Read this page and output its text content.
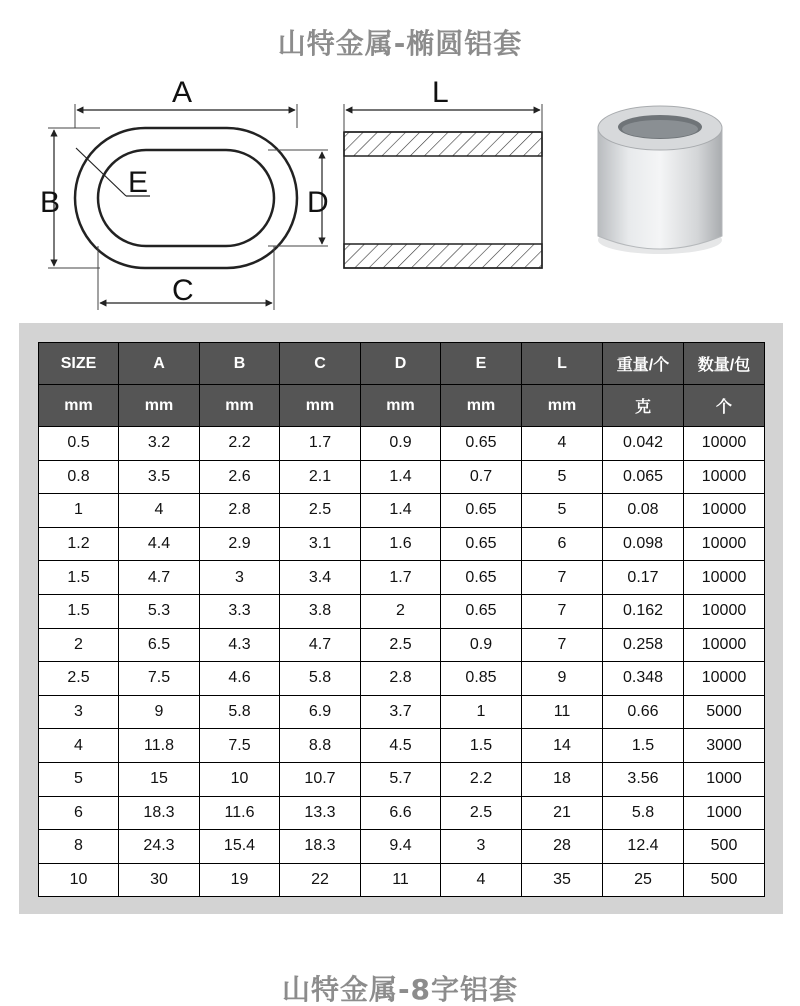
山特金属-椭圆铝套
A
B
C
D
E
L
SIZE	A	B	C	D	E	L	重量/个	数量/包
mm	mm	mm	mm	mm	mm	mm	克	个
0.5	3.2	2.2	1.7	0.9	0.65	4	0.042	10000
0.8	3.5	2.6	2.1	1.4	0.7	5	0.065	10000
1	4	2.8	2.5	1.4	0.65	5	0.08	10000
1.2	4.4	2.9	3.1	1.6	0.65	6	0.098	10000
1.5	4.7	3	3.4	1.7	0.65	7	0.17	10000
1.5	5.3	3.3	3.8	2	0.65	7	0.162	10000
2	6.5	4.3	4.7	2.5	0.9	7	0.258	10000
2.5	7.5	4.6	5.8	2.8	0.85	9	0.348	10000
3	9	5.8	6.9	3.7	1	11	0.66	5000
4	11.8	7.5	8.8	4.5	1.5	14	1.5	3000
5	15	10	10.7	5.7	2.2	18	3.56	1000
6	18.3	11.6	13.3	6.6	2.5	21	5.8	1000
8	24.3	15.4	18.3	9.4	3	28	12.4	500
10	30	19	22	11	4	35	25	500
山特金属-8字铝套
